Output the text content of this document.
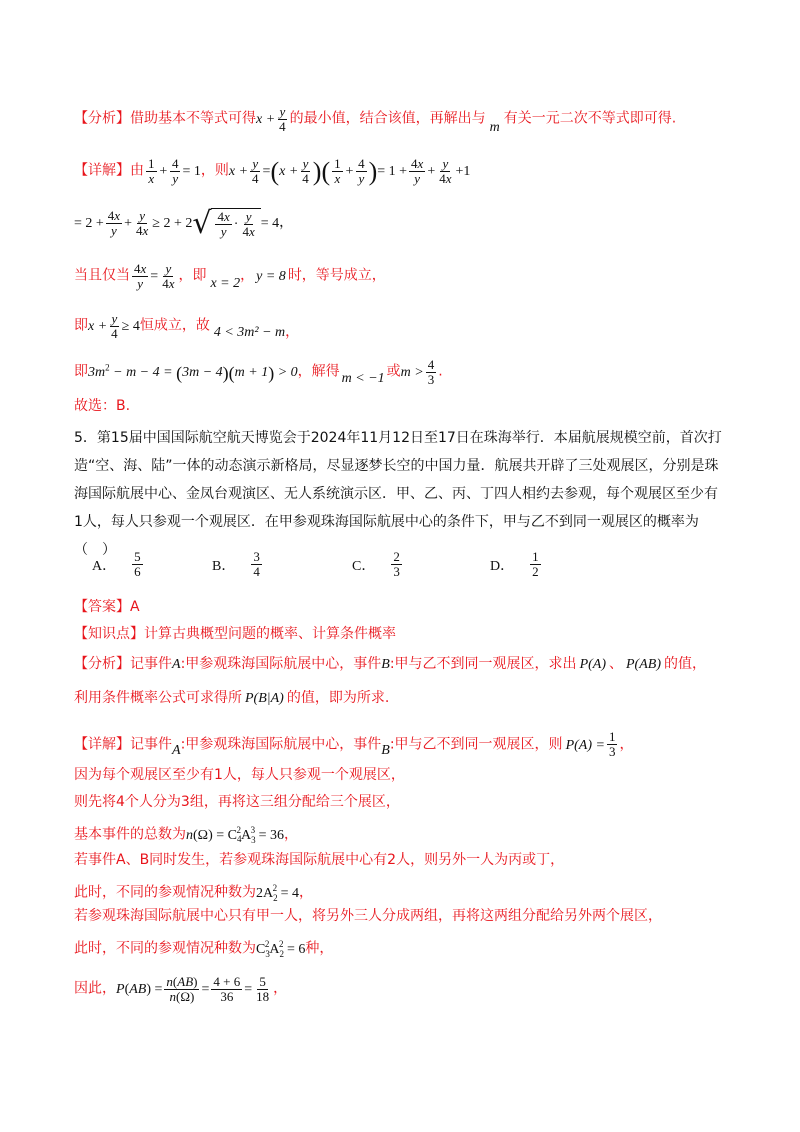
【分析】借助基本不等式可得$x + \frac{y}{4}$ 的最小值，结合该值，再解出与m有关一元二次不等式即可得.
【详解】由 $\frac{1}{x} + \frac{4}{y} = 1$，则$x + \frac{y}{4} =(x + \frac{y}{4}$ )( $\frac{1}{x} + \frac{4}{y}$ )= $1 + \frac{4x}{y} + \frac{y}{4x} +1$
= $2 + \frac{4x}{y} + \frac{y}{4x} \ge 2 + 2$ √ $\frac{4x}{y} \cdot \frac{y}{4x} = 4$，
当且仅当 $\frac{4x}{y} = \frac{y}{4x}$ ，即 x = 2， y = 8 时，等号成立，
即$x + \frac{y}{4} \ge 4$恒成立，故 4 < 3m² − m，
即$3m^2 - m - 4 = (3m - 4)(m + 1) > 0$，解得 m < −1 或$m > \frac{4}{3}$ .
故选：B.
5．第15届中国国际航空航天博览会于2024年11月12日至17日在珠海举行．本届航展规模空前，首次打造“空、海、陆”一体的动态演示新格局，尽显逐梦长空的中国力量．航展共开辟了三处观展区，分别是珠海国际航展中心、金凤台观演区、无人系统演示区．甲、乙、丙、丁四人相约去参观，每个观展区至少有1人，每人只参观一个观展区．在甲参观珠海国际航展中心的条件下，甲与乙不到同一观展区的概率为（　）
A． $\frac{5}{6}$	B． $\frac{3}{4}$	C． $\frac{2}{3}$	D． $\frac{1}{2}$
【答案】A
【知识点】计算古典概型问题的概率、计算条件概率
【分析】记事件A:甲参观珠海国际航展中心，事件B:甲与乙不到同一观展区，求出 P(A) 、 P(AB) 的值，
利用条件概率公式可求得所 P(B|A) 的值，即为所求.
【详解】记事件A:甲参观珠海国际航展中心，事件B:甲与乙不到同一观展区，则 $P(A) = \frac{1}{3}$ ，
因为每个观展区至少有1人，每人只参观一个观展区，
则先将4个人分为3组，再将这三组分配给三个展区，
基本事件的总数为$n(\Omega) = C_4^2A_3^3 = 36$，
若事件A、B同时发生，若参观珠海国际航展中心有2人，则另外一人为丙或丁，
此时，不同的参观情况种数为$2A_2^2 = 4$，
若参观珠海国际航展中心只有甲一人，将另外三人分成两组，再将这两组分配给另外两个展区，
此时，不同的参观情况种数为$C_3^2A_2^2 = 6$种，
因此，$P(AB) = \frac{n(AB)}{n(\Omega)} = \frac{4 + 6}{36} = \frac{5}{18}$ ，
